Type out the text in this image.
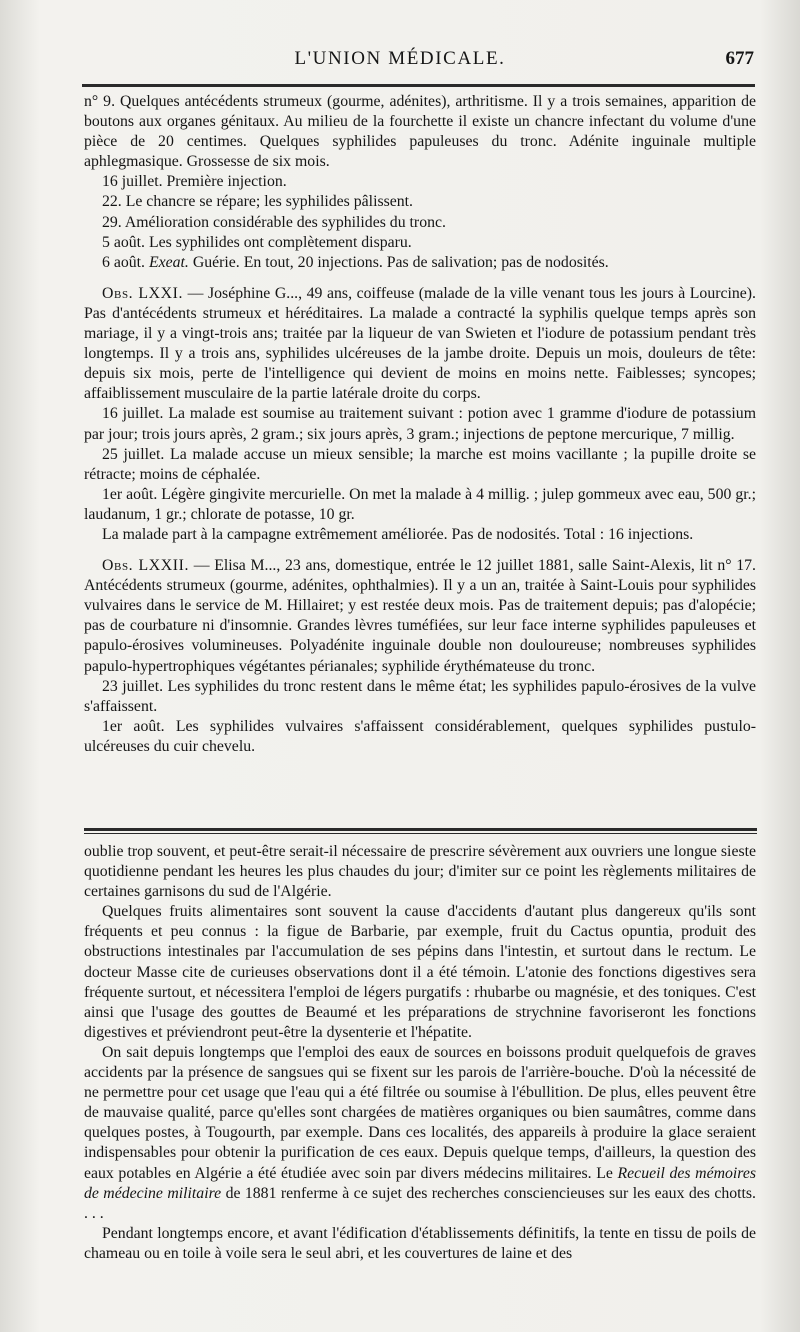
L'UNION MÉDICALE.	677

n° 9. Quelques antécédents strumeux (gourme, adénites), arthritisme. Il y a trois semaines, apparition de boutons aux organes génitaux. Au milieu de la fourchette il existe un chancre infectant du volume d'une pièce de 20 centimes. Quelques syphilides papuleuses du tronc. Adénite inguinale multiple aphlegmasique. Grossesse de six mois.

16 juillet. Première injection.

22. Le chancre se répare; les syphilides pâlissent.

29. Amélioration considérable des syphilides du tronc.

5 août. Les syphilides ont complètement disparu.

6 août. Exeat. Guérie. En tout, 20 injections. Pas de salivation; pas de nodosités.

Obs. LXXI. — Joséphine G..., 49 ans, coiffeuse (malade de la ville venant tous les jours à Lourcine). Pas d'antécédents strumeux et héréditaires. La malade a contracté la syphilis quelque temps après son mariage, il y a vingt-trois ans; traitée par la liqueur de van Swieten et l'iodure de potassium pendant très longtemps. Il y a trois ans, syphilides ulcéreuses de la jambe droite. Depuis un mois, douleurs de tête: depuis six mois, perte de l'intelligence qui devient de moins en moins nette. Faiblesses; syncopes; affaiblissement musculaire de la partie latérale droite du corps.

16 juillet. La malade est soumise au traitement suivant : potion avec 1 gramme d'iodure de potassium par jour; trois jours après, 2 gram.; six jours après, 3 gram.; injections de peptone mercurique, 7 millig.

25 juillet. La malade accuse un mieux sensible; la marche est moins vacillante ; la pupille droite se rétracte; moins de céphalée.

1er août. Légère gingivite mercurielle. On met la malade à 4 millig. ; julep gommeux avec eau, 500 gr.; laudanum, 1 gr.; chlorate de potasse, 10 gr.

La malade part à la campagne extrêmement améliorée. Pas de nodosités. Total : 16 injections.

Obs. LXXII. — Elisa M..., 23 ans, domestique, entrée le 12 juillet 1881, salle Saint-Alexis, lit n° 17. Antécédents strumeux (gourme, adénites, ophthalmies). Il y a un an, traitée à Saint-Louis pour syphilides vulvaires dans le service de M. Hillairet; y est restée deux mois. Pas de traitement depuis; pas d'alopécie; pas de courbature ni d'insomnie. Grandes lèvres tuméfiées, sur leur face interne syphilides papuleuses et papulo-érosives volumineuses. Polyadénite inguinale double non douloureuse; nombreuses syphilides papulo-hypertrophiques végétantes périanales; syphilide érythémateuse du tronc.

23 juillet. Les syphilides du tronc restent dans le même état; les syphilides papulo-érosives de la vulve s'affaissent.

1er août. Les syphilides vulvaires s'affaissent considérablement, quelques syphilides pustulo-ulcéreuses du cuir chevelu.

oublie trop souvent, et peut-être serait-il nécessaire de prescrire sévèrement aux ouvriers une longue sieste quotidienne pendant les heures les plus chaudes du jour; d'imiter sur ce point les règlements militaires de certaines garnisons du sud de l'Algérie.

Quelques fruits alimentaires sont souvent la cause d'accidents d'autant plus dangereux qu'ils sont fréquents et peu connus : la figue de Barbarie, par exemple, fruit du Cactus opuntia, produit des obstructions intestinales par l'accumulation de ses pépins dans l'intestin, et surtout dans le rectum. Le docteur Masse cite de curieuses observations dont il a été témoin. L'atonie des fonctions digestives sera fréquente surtout, et nécessitera l'emploi de légers purgatifs : rhubarbe ou magnésie, et des toniques. C'est ainsi que l'usage des gouttes de Beaumé et les préparations de strychnine favoriseront les fonctions digestives et préviendront peut-être la dysenterie et l'hépatite.

On sait depuis longtemps que l'emploi des eaux de sources en boissons produit quelquefois de graves accidents par la présence de sangsues qui se fixent sur les parois de l'arrière-bouche. D'où la nécessité de ne permettre pour cet usage que l'eau qui a été filtrée ou soumise à l'ébullition. De plus, elles peuvent être de mauvaise qualité, parce qu'elles sont chargées de matières organiques ou bien saumâtres, comme dans quelques postes, à Tougourth, par exemple. Dans ces localités, des appareils à produire la glace seraient indispensables pour obtenir la purification de ces eaux. Depuis quelque temps, d'ailleurs, la question des eaux potables en Algérie a été étudiée avec soin par divers médecins militaires. Le Recueil des mémoires de médecine militaire de 1881 renferme à ce sujet des recherches consciencieuses sur les eaux des chotts. . . .

Pendant longtemps encore, et avant l'édification d'établissements définitifs, la tente en tissu de poils de chameau ou en toile à voile sera le seul abri, et les couvertures de laine et des
